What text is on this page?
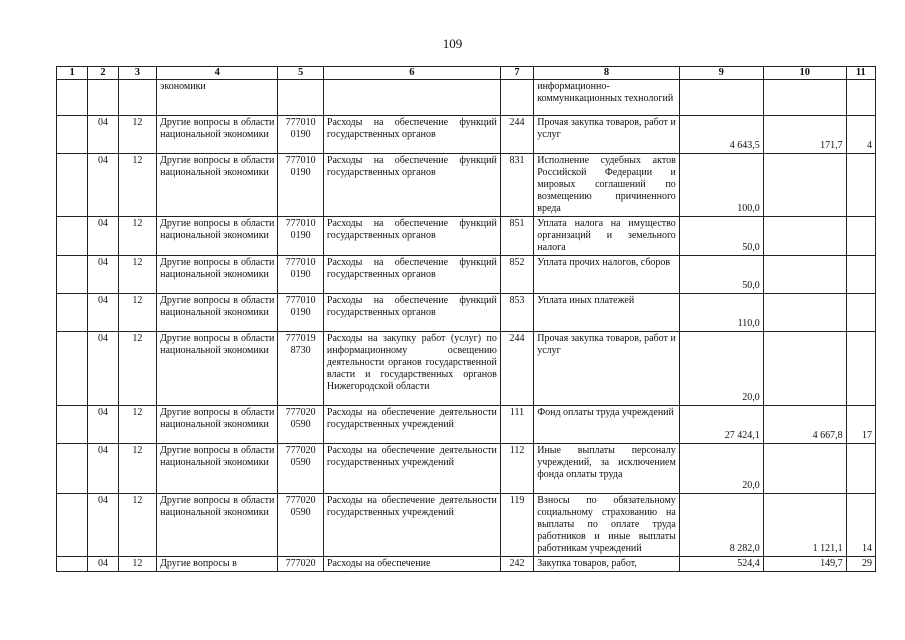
109
1	2	3	4	5	6	7	8	9	10	11
			экономики				информационно-коммуникационных технологий			
	04	12	Другие вопросы в области национальной экономики	777010 0190	Расходы на обеспечение функций государственных органов	244	Прочая закупка товаров, работ и услуг	4 643,5	171,7	4
	04	12	Другие вопросы в области национальной экономики	777010 0190	Расходы на обеспечение функций государственных органов	831	Исполнение судебных актов Российской Федерации и мировых соглашений по возмещению причиненного вреда	100,0		
	04	12	Другие вопросы в области национальной экономики	777010 0190	Расходы на обеспечение функций государственных органов	851	Уплата налога на имущество организаций и земельного налога	50,0		
	04	12	Другие вопросы в области национальной экономики	777010 0190	Расходы на обеспечение функций государственных органов	852	Уплата прочих налогов, сборов	50,0		
	04	12	Другие вопросы в области национальной экономики	777010 0190	Расходы на обеспечение функций государственных органов	853	Уплата иных платежей	110,0		
	04	12	Другие вопросы в области национальной экономики	777019 8730	Расходы на закупку работ (услуг) по информационному освещению деятельности органов государственной власти и государственных органов Нижегородской области	244	Прочая закупка товаров, работ и услуг	20,0		
	04	12	Другие вопросы в области национальной экономики	777020 0590	Расходы на обеспечение деятельности государственных учреждений	111	Фонд оплаты труда учреждений	27 424,1	4 667,8	17
	04	12	Другие вопросы в области национальной экономики	777020 0590	Расходы на обеспечение деятельности государственных учреждений	112	Иные выплаты персоналу учреждений, за исключением фонда оплаты труда	20,0		
	04	12	Другие вопросы в области национальной экономики	777020 0590	Расходы на обеспечение деятельности государственных учреждений	119	Взносы по обязательному социальному страхованию на выплаты по оплате труда работников и иные выплаты работникам учреждений	8 282,0	1 121,1	14
	04	12	Другие вопросы в	777020	Расходы на обеспечение	242	Закупка товаров, работ,	524,4	149,7	29
